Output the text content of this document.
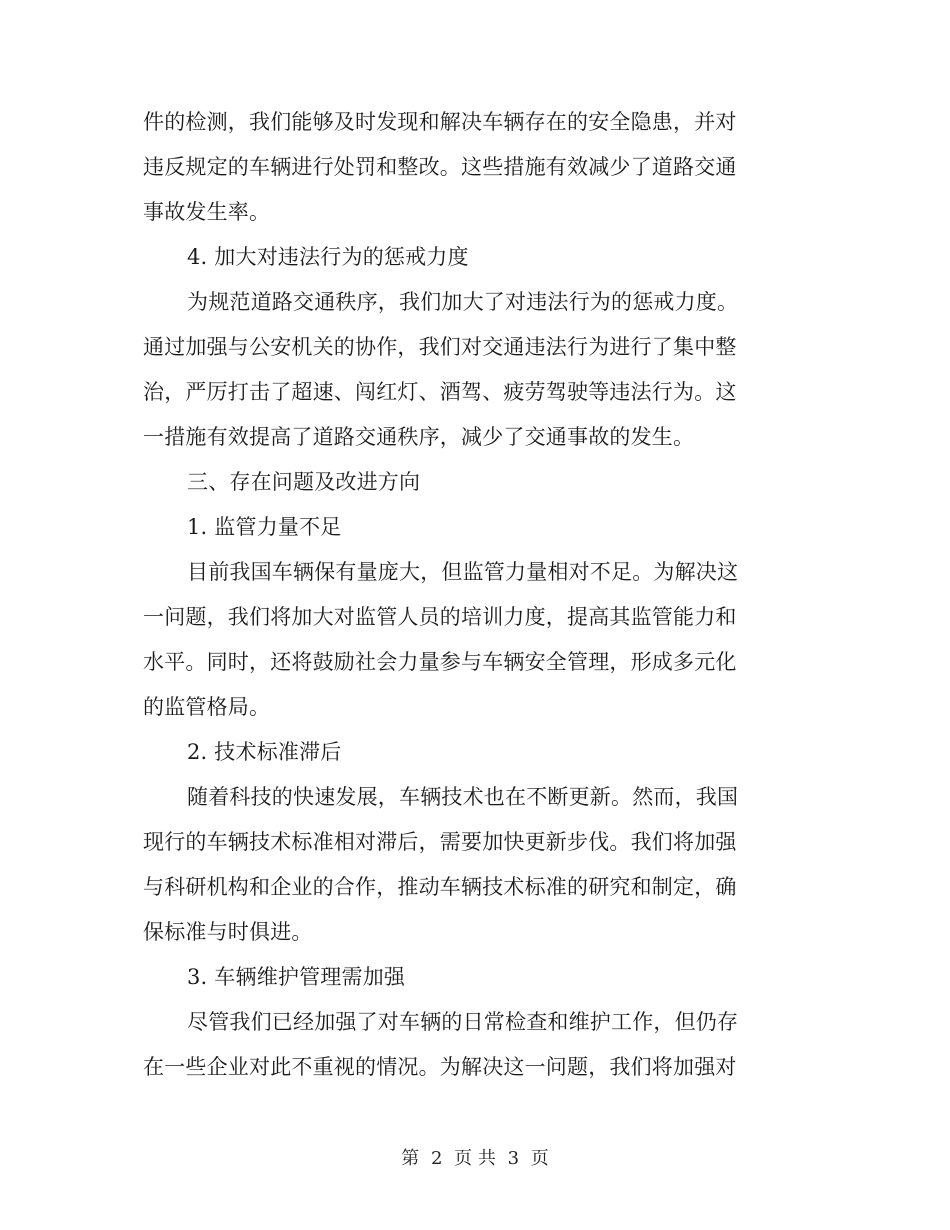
件的检测，我们能够及时发现和解决车辆存在的安全隐患，并对
违反规定的车辆进行处罚和整改。这些措施有效减少了道路交通
事故发生率。
4. 加大对违法行为的惩戒力度
为规范道路交通秩序，我们加大了对违法行为的惩戒力度。
通过加强与公安机关的协作，我们对交通违法行为进行了集中整
治，严厉打击了超速、闯红灯、酒驾、疲劳驾驶等违法行为。这
一措施有效提高了道路交通秩序，减少了交通事故的发生。
三、存在问题及改进方向
1. 监管力量不足
目前我国车辆保有量庞大，但监管力量相对不足。为解决这
一问题，我们将加大对监管人员的培训力度，提高其监管能力和
水平。同时，还将鼓励社会力量参与车辆安全管理，形成多元化
的监管格局。
2. 技术标准滞后
随着科技的快速发展，车辆技术也在不断更新。然而，我国
现行的车辆技术标准相对滞后，需要加快更新步伐。我们将加强
与科研机构和企业的合作，推动车辆技术标准的研究和制定，确
保标准与时俱进。
3. 车辆维护管理需加强
尽管我们已经加强了对车辆的日常检查和维护工作，但仍存
在一些企业对此不重视的情况。为解决这一问题，我们将加强对
第 2 页 共 3 页
